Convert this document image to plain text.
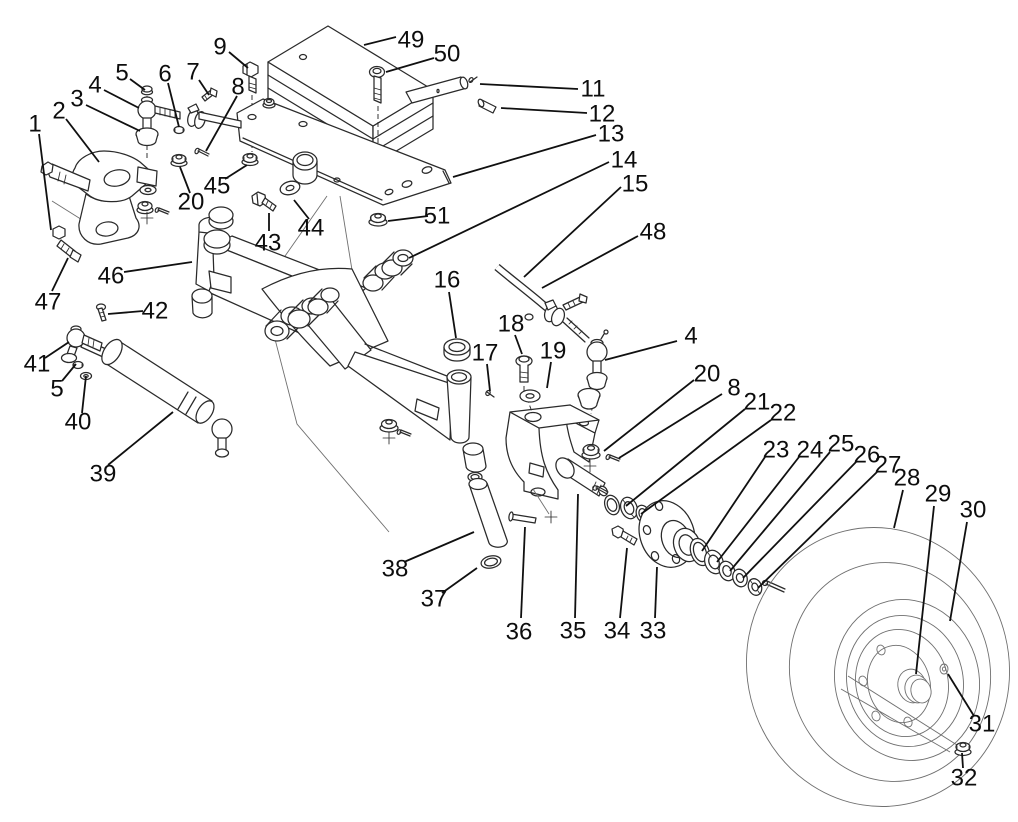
1 2 3
4 5 6 7
8
9
11
12
13
14
15
16
17
18
19
20
20
21 22
23 24 25 26
27
28
29
30
31
32
33
34
35
36
37
38
39
40
41
42
43
44
45
46
47
48
49
50
51
4
5	8
